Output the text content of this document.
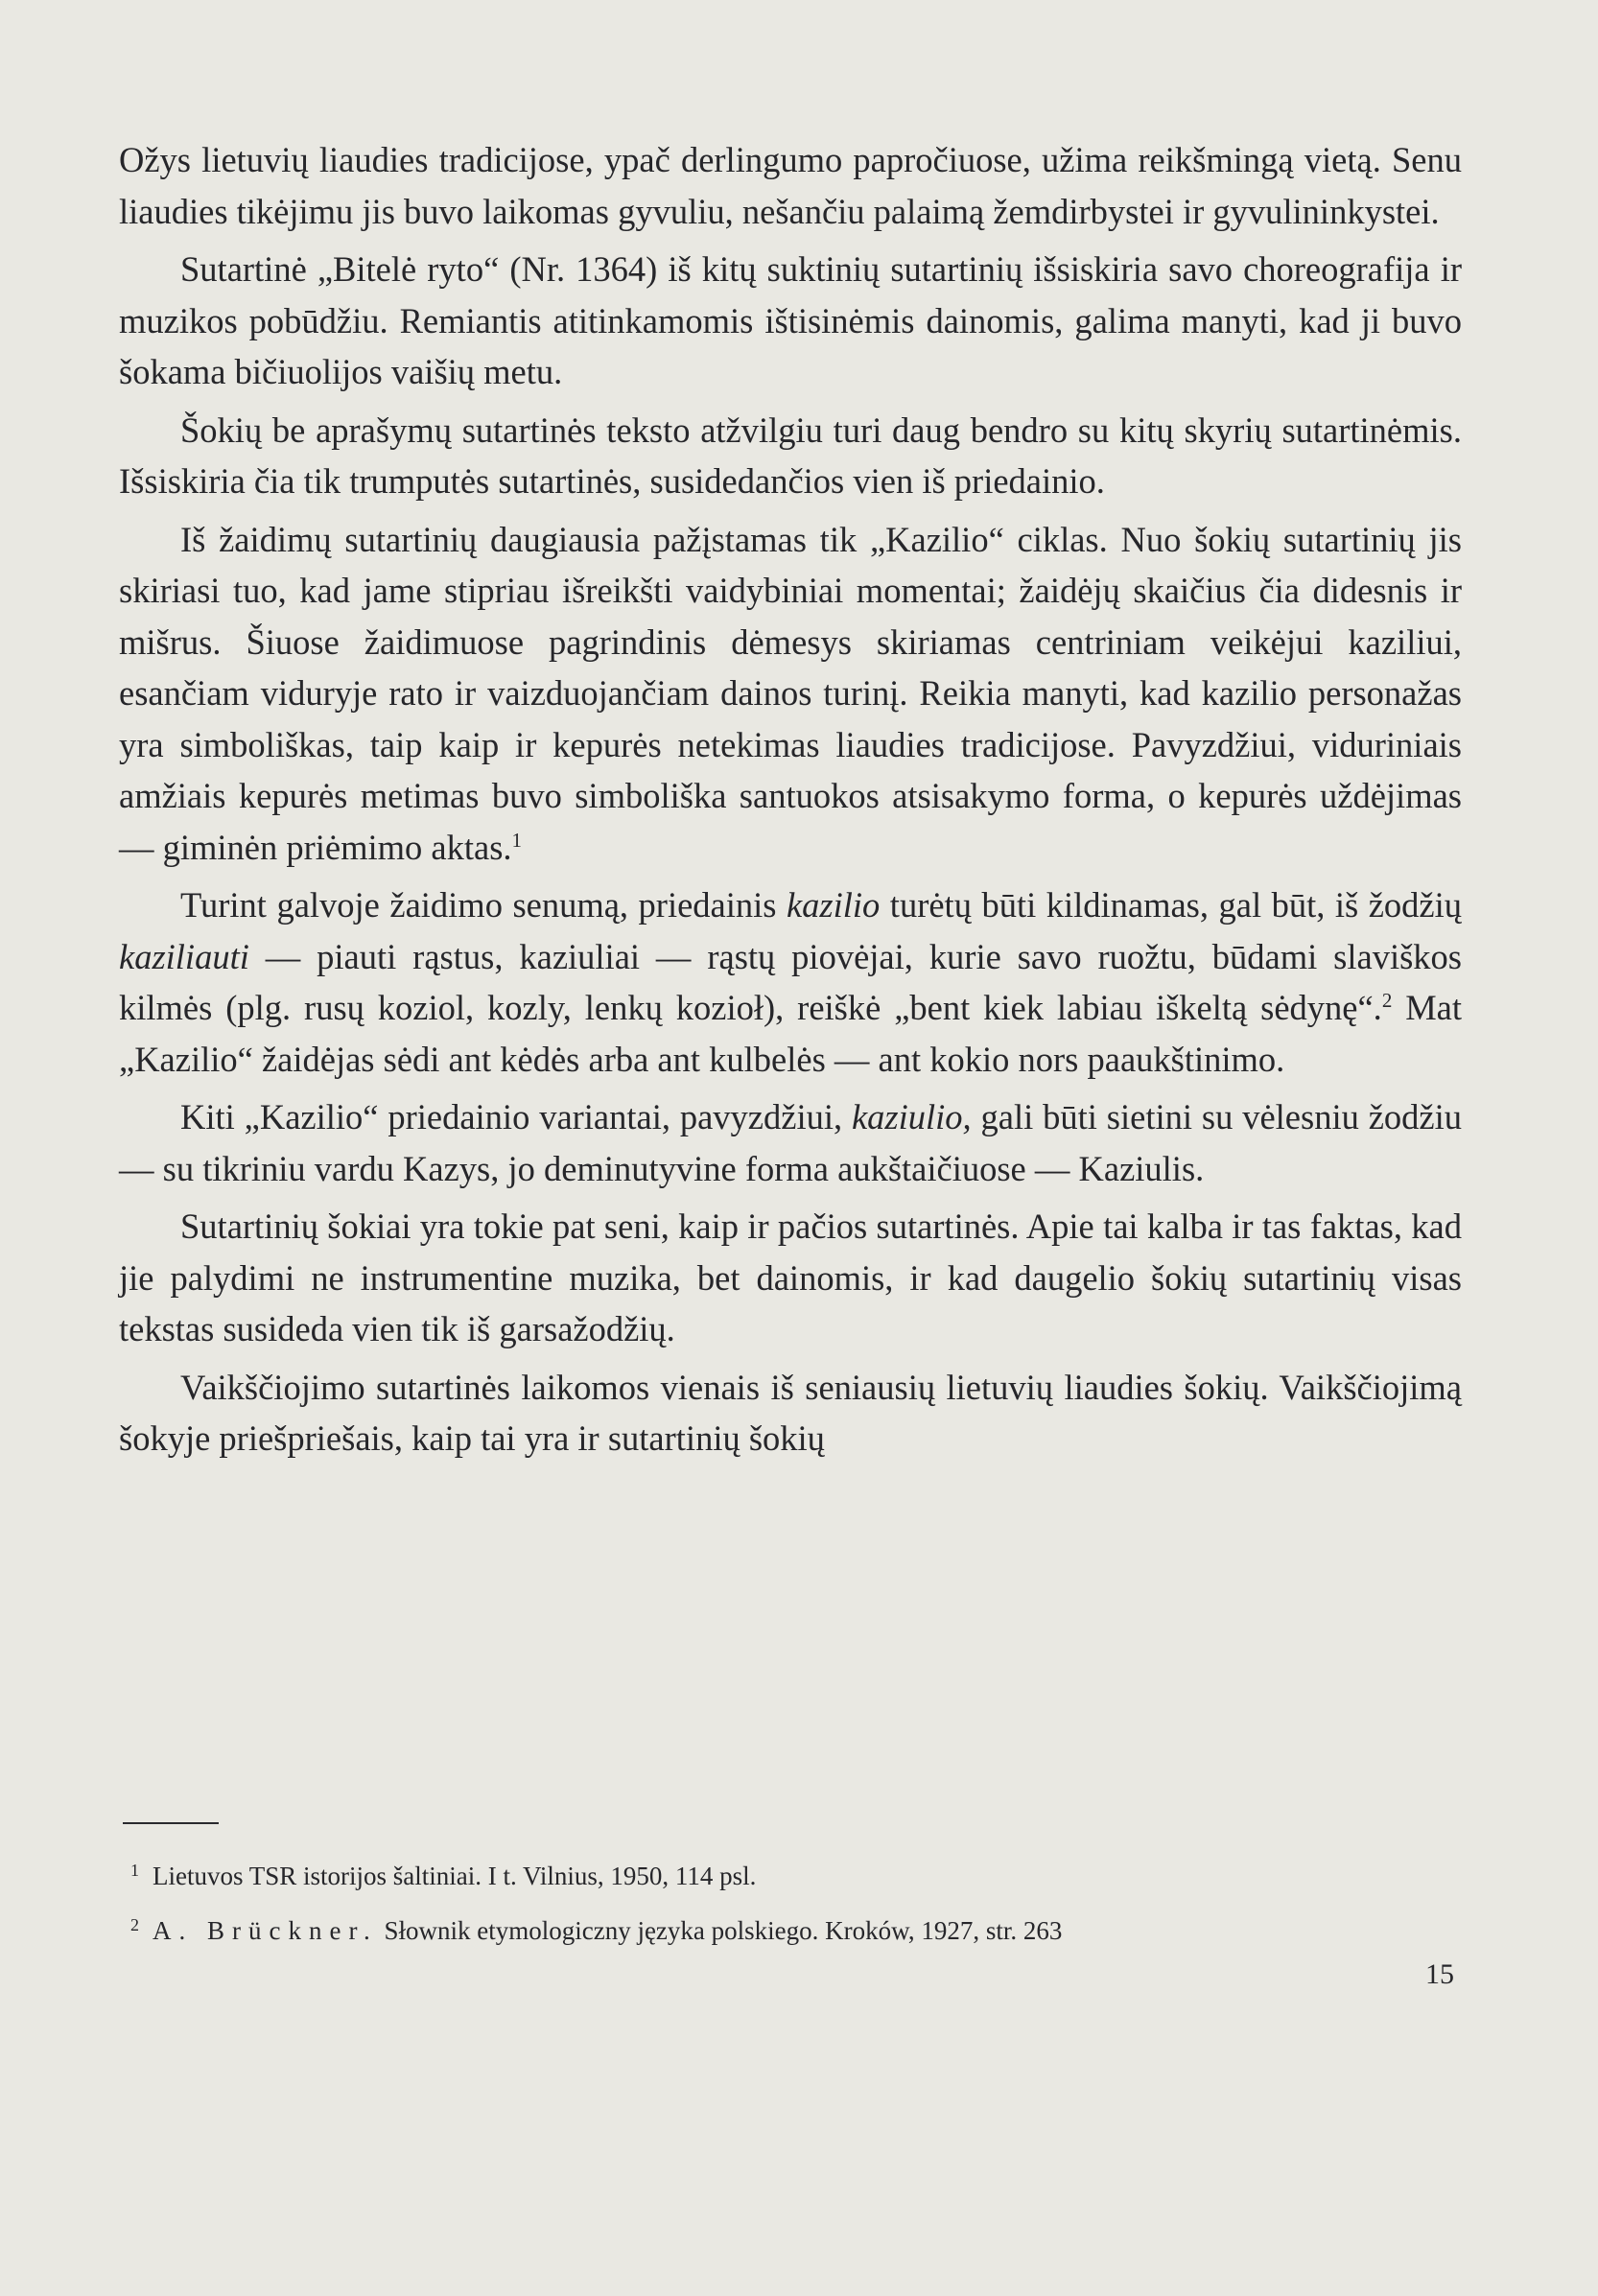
Ožys lietuvių liaudies tradicijose, ypač derlingumo papročiuose, užima reikšmingą vietą. Senu liaudies tikėjimu jis buvo laikomas gyvuliu, nešančiu palaimą žemdirbystei ir gyvulininkystei.

Sutartinė „Bitelė ryto“ (Nr. 1364) iš kitų suktinių sutartinių išsiskiria savo choreografija ir muzikos pobūdžiu. Remiantis atitinkamomis ištisinėmis dainomis, galima manyti, kad ji buvo šokama bičiuolijos vaišių metu.

Šokių be aprašymų sutartinės teksto atžvilgiu turi daug bendro su kitų skyrių sutartinėmis. Išsiskiria čia tik trumputės sutartinės, susidedančios vien iš priedainio.

Iš žaidimų sutartinių daugiausia pažįstamas tik „Kazilio“ ciklas. Nuo šokių sutartinių jis skiriasi tuo, kad jame stipriau išreikšti vaidybiniai momentai; žaidėjų skaičius čia didesnis ir mišrus. Šiuose žaidimuose pagrindinis dėmesys skiriamas centriniam veikėjui kaziliui, esančiam viduryje rato ir vaizduojančiam dainos turinį. Reikia manyti, kad kazilio personažas yra simboliškas, taip kaip ir kepurės netekimas liaudies tradicijose. Pavyzdžiui, viduriniais amžiais kepurės metimas buvo simboliška santuokos atsisakymo forma, o kepurės uždėjimas — giminėn priėmimo aktas.$^1$

Turint galvoje žaidimo senumą, priedainis kazilio turėtų būti kildinamas, gal būt, iš žodžių kaziliauti — piauti rąstus, kaziuliai — rąstų piovėjai, kurie savo ruožtu, būdami slaviškos kilmės (plg. rusų koziol, kozly, lenkų kozioł), reiškė „bent kiek labiau iškeltą sėdynę“.$^2$ Mat „Kazilio“ žaidėjas sėdi ant kėdės arba ant kulbelės — ant kokio nors paaukštinimo.

Kiti „Kazilio“ priedainio variantai, pavyzdžiui, kaziulio, gali būti sietini su vėlesniu žodžiu — su tikriniu vardu Kazys, jo deminutyvine forma aukštaičiuose — Kaziulis.

Sutartinių šokiai yra tokie pat seni, kaip ir pačios sutartinės. Apie tai kalba ir tas faktas, kad jie palydimi ne instrumentine muzika, bet dainomis, ir kad daugelio šokių sutartinių visas tekstas susideda vien tik iš garsažodžių.

Vaikščiojimo sutartinės laikomos vienais iš seniausių lietuvių liaudies šokių. Vaikščiojimą šokyje priešpriešais, kaip tai yra ir sutartinių šokių

$^1$ Lietuvos TSR istorijos šaltiniai. I t. Vilnius, 1950, 114 psl.
$^2$ A. Brückner. Słownik etymologiczny języka polskiego. Kroków, 1927, str. 263
15
